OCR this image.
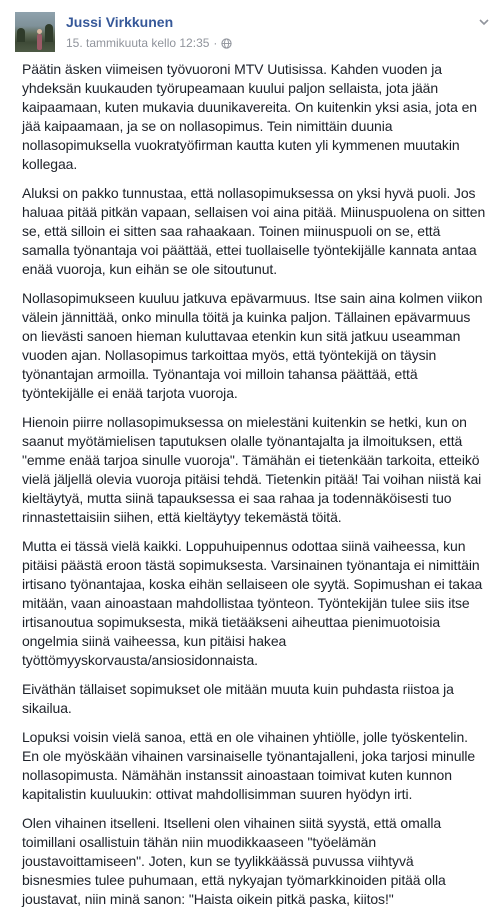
Jussi Virkkunen
15. tammikuuta kello 12:35 ·

Päätin äsken viimeisen työvuoroni MTV Uutisissa. Kahden vuoden ja yhdeksän kuukauden työrupeamaan kuului paljon sellaista, jota jään kaipaamaan, kuten mukavia duunikavereita. On kuitenkin yksi asia, jota en jää kaipaamaan, ja se on nollasopimus. Tein nimittäin duunia nollasopimuksella vuokratyöfirman kautta kuten yli kymmenen muutakin kollegaa.

Aluksi on pakko tunnustaa, että nollasopimuksessa on yksi hyvä puoli. Jos haluaa pitää pitkän vapaan, sellaisen voi aina pitää. Miinuspuolena on sitten se, että silloin ei sitten saa rahaakaan. Toinen miinuspuoli on se, että samalla työnantaja voi päättää, ettei tuollaiselle työntekijälle kannata antaa enää vuoroja, kun eihän se ole sitoutunut.

Nollasopimukseen kuuluu jatkuva epävarmuus. Itse sain aina kolmen viikon välein jännittää, onko minulla töitä ja kuinka paljon. Tällainen epävarmuus on lievästi sanoen hieman kuluttavaa etenkin kun sitä jatkuu useamman vuoden ajan. Nollasopimus tarkoittaa myös, että työntekijä on täysin työnantajan armoilla. Työnantaja voi milloin tahansa päättää, että työntekijälle ei enää tarjota vuoroja.

Hienoin piirre nollasopimuksessa on mielestäni kuitenkin se hetki, kun on saanut myötämielisen taputuksen olalle työnantajalta ja ilmoituksen, että "emme enää tarjoa sinulle vuoroja". Tämähän ei tietenkään tarkoita, etteikö vielä jäljellä olevia vuoroja pitäisi tehdä. Tietenkin pitää! Tai voihan niistä kai kieltäytyä, mutta siinä tapauksessa ei saa rahaa ja todennäköisesti tuo rinnastettaisiin siihen, että kieltäytyy tekemästä töitä.

Mutta ei tässä vielä kaikki. Loppuhuipennus odottaa siinä vaiheessa, kun pitäisi päästä eroon tästä sopimuksesta. Varsinainen työnantaja ei nimittäin irtisano työnantajaa, koska eihän sellaiseen ole syytä. Sopimushan ei takaa mitään, vaan ainoastaan mahdollistaa työnteon. Työntekijän tulee siis itse irtisanoutua sopimuksesta, mikä tietääkseni aiheuttaa pienimuotoisia ongelmia siinä vaiheessa, kun pitäisi hakea työttömyyskorvausta/ansiosidonnaista.

Eiväthän tällaiset sopimukset ole mitään muuta kuin puhdasta riistoa ja sikailua.

Lopuksi voisin vielä sanoa, että en ole vihainen yhtiölle, jolle työskentelin. En ole myöskään vihainen varsinaiselle työnantajalleni, joka tarjosi minulle nollasopimusta. Nämähän instanssit ainoastaan toimivat kuten kunnon kapitalistin kuuluukin: ottivat mahdollisimman suuren hyödyn irti.

Olen vihainen itselleni. Itselleni olen vihainen siitä syystä, että omalla toimillani osallistuin tähän niin muodikkaaseen "työelämän joustavoittamiseen". Joten, kun se tyylikkäässä puvussa viihtyvä bisnesmies tulee puhumaan, että nykyajan työmarkkinoiden pitää olla joustavat, niin minä sanon: "Haista oikein pitkä paska, kiitos!"
